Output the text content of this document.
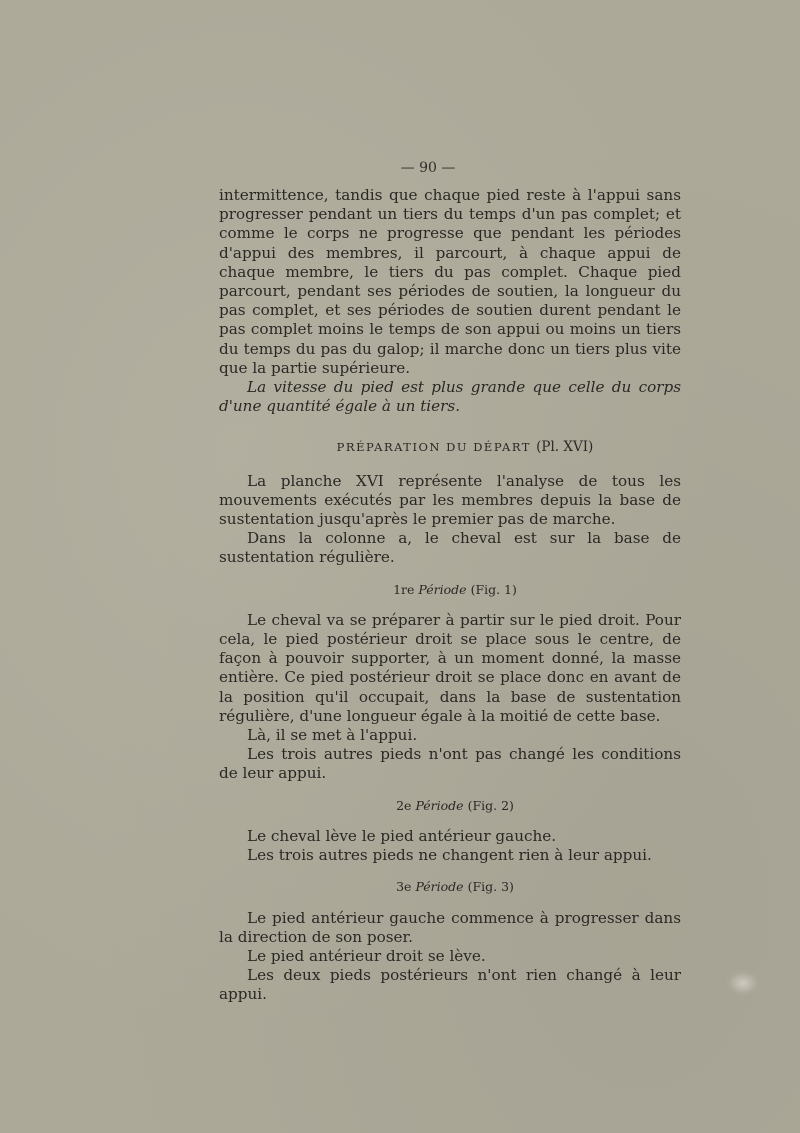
— 90 —

intermittence, tandis que chaque pied reste à l'appui sans progresser pendant un tiers du temps d'un pas complet; et comme le corps ne progresse que pendant les périodes d'appui des membres, il parcourt, à chaque appui de chaque membre, le tiers du pas complet. Chaque pied parcourt, pendant ses périodes de soutien, la longueur du pas complet, et ses périodes de soutien durent pendant le pas complet moins le temps de son appui ou moins un tiers du temps du pas du galop; il marche donc un tiers plus vite que la partie supérieure.

La vitesse du pied est plus grande que celle du corps d'une quantité égale à un tiers.

PRÉPARATION DU DÉPART (Pl. XVI)

La planche XVI représente l'analyse de tous les mouvements exécutés par les membres depuis la base de sustentation jusqu'après le premier pas de marche.

Dans la colonne a, le cheval est sur la base de sustentation régulière.

1re Période (Fig. 1)

Le cheval va se préparer à partir sur le pied droit. Pour cela, le pied postérieur droit se place sous le centre, de façon à pouvoir supporter, à un moment donné, la masse entière. Ce pied postérieur droit se place donc en avant de la position qu'il occupait, dans la base de sustentation régulière, d'une longueur égale à la moitié de cette base.

Là, il se met à l'appui.

Les trois autres pieds n'ont pas changé les conditions de leur appui.

2e Période (Fig. 2)

Le cheval lève le pied antérieur gauche.

Les trois autres pieds ne changent rien à leur appui.

3e Période (Fig. 3)

Le pied antérieur gauche commence à progresser dans la direction de son poser.

Le pied antérieur droit se lève.

Les deux pieds postérieurs n'ont rien changé à leur appui.
